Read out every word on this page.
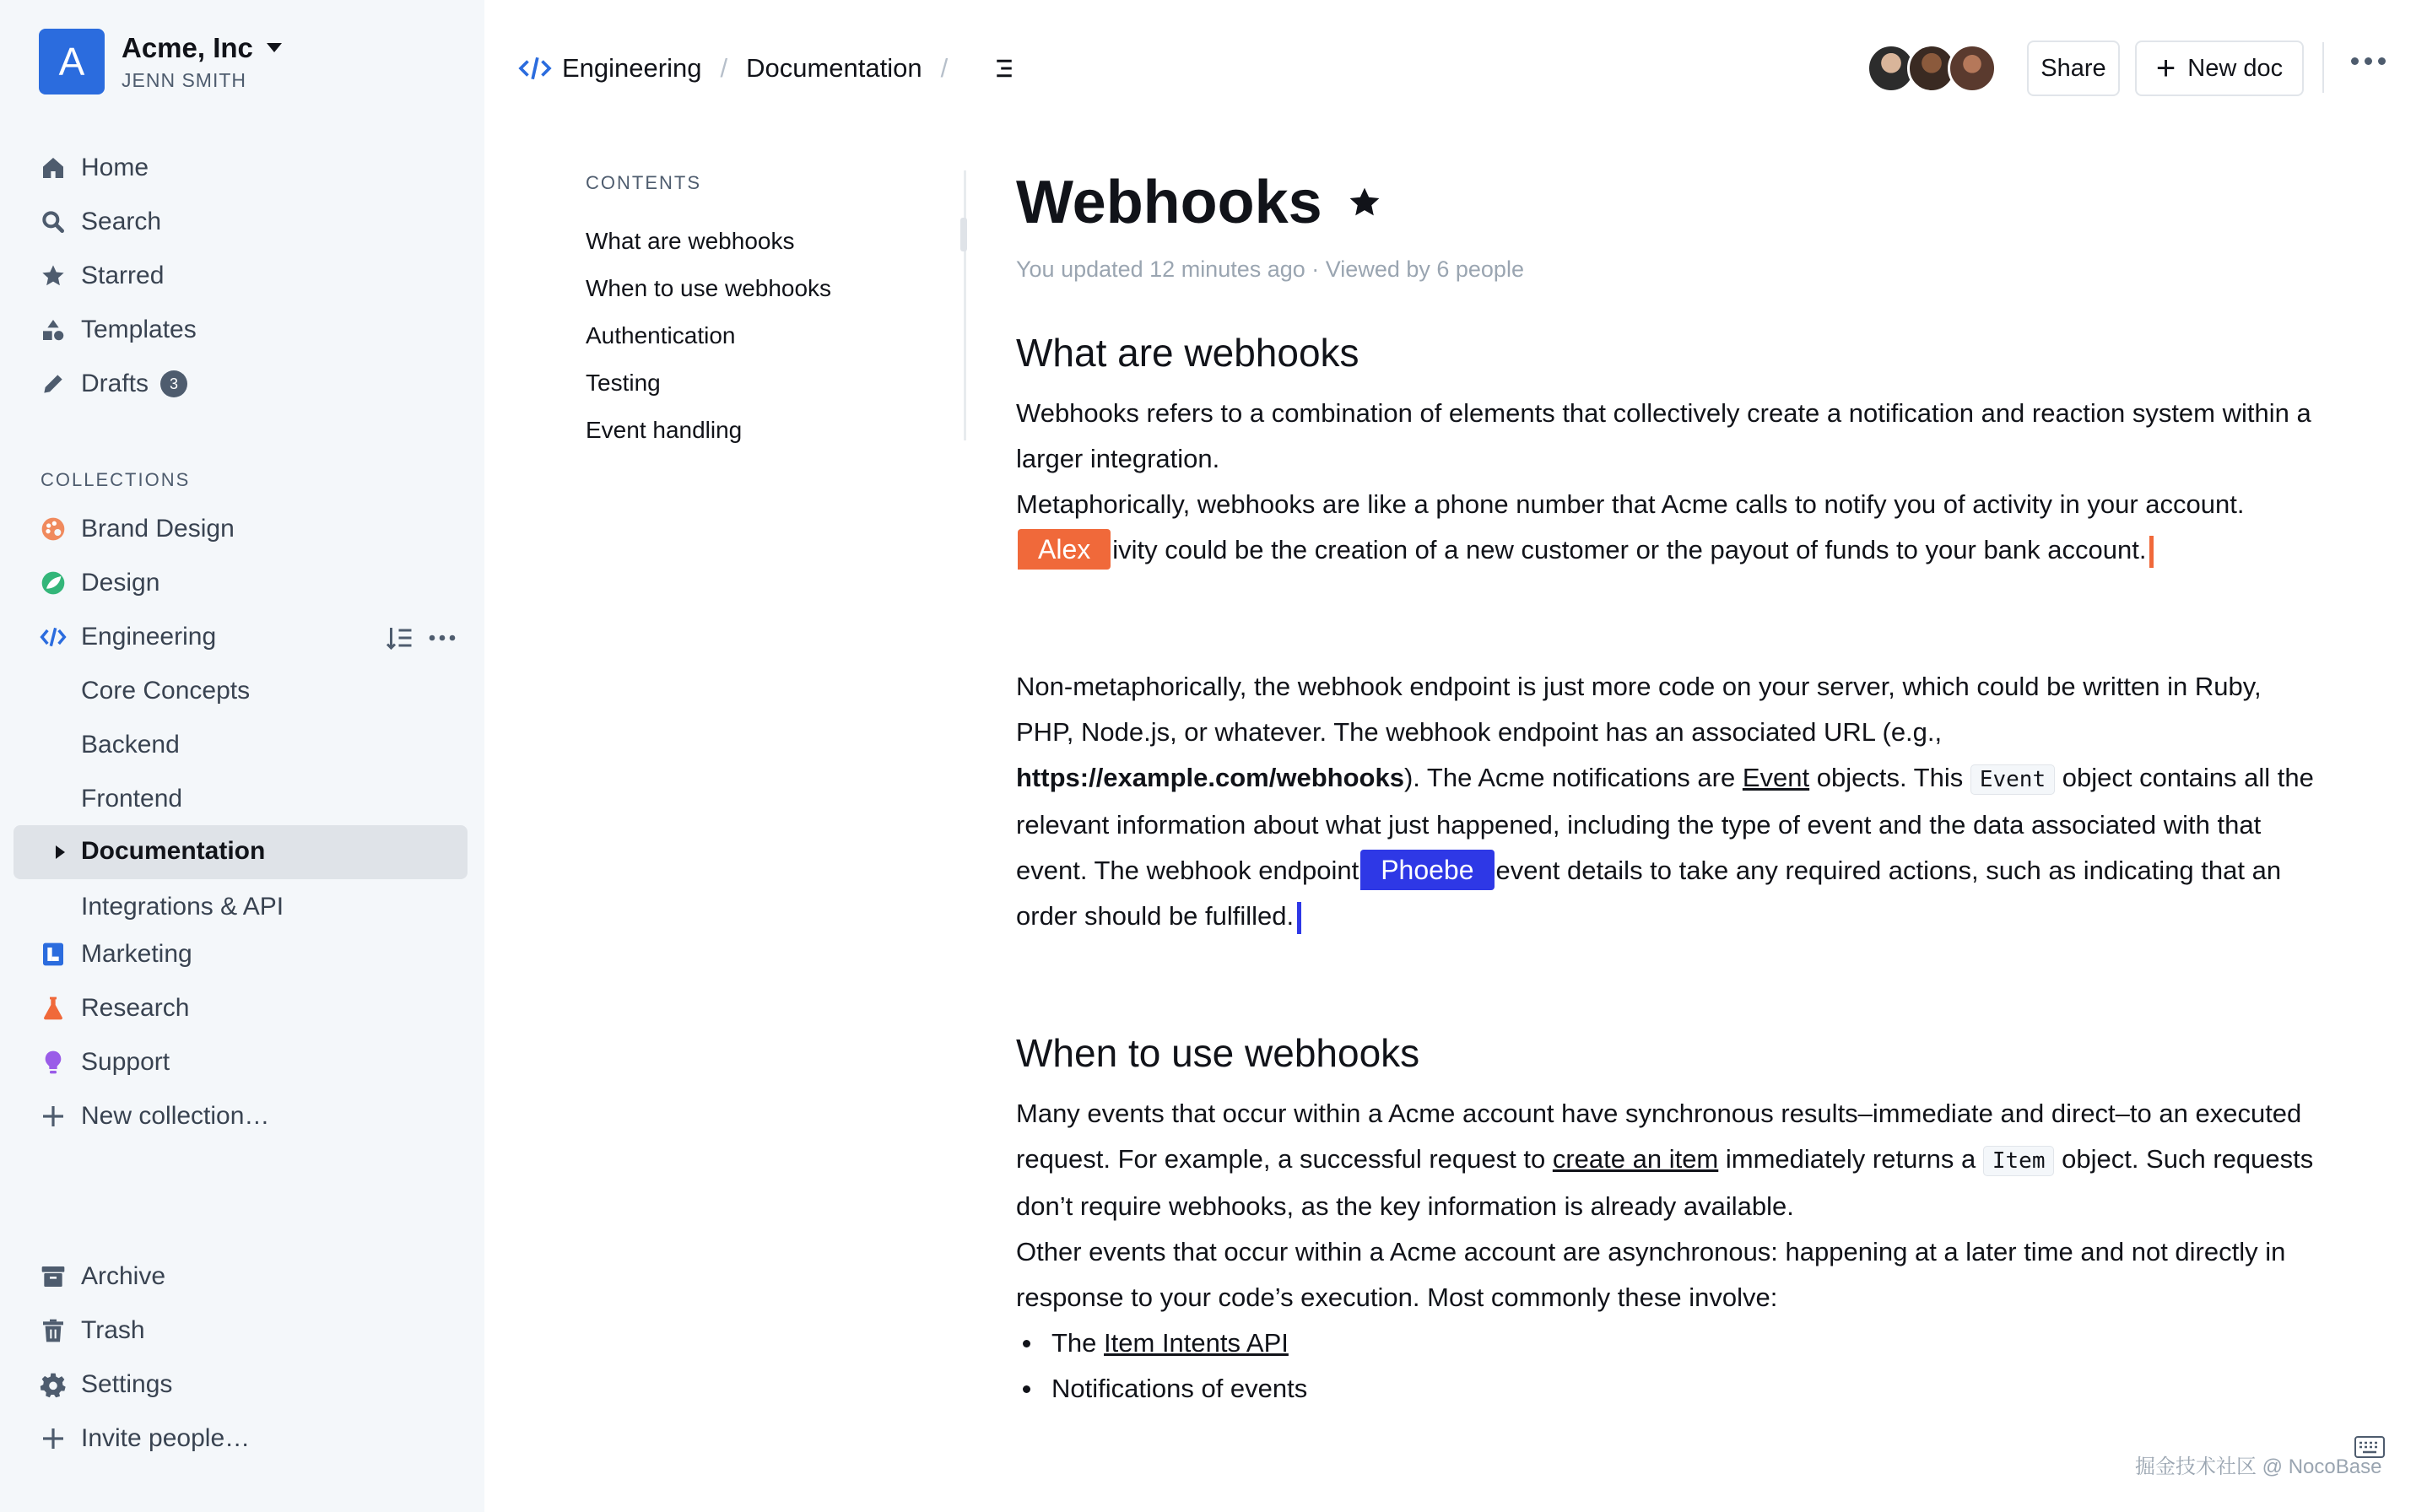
A	Acme, Inc
JENN SMITH
Home
Search
Starred
Templates
Drafts	3
COLLECTIONS
Brand Design
Design
Engineering
Core Concepts
Backend
Frontend
Documentation
Integrations & API
Marketing
Research
Support
New collection…
Archive
Trash
Settings
Invite people…
Engineering / Documentation /	Share	+ New doc
CONTENTS
What are webhooks
When to use webhooks
Authentication
Testing
Event handling
Webhooks
You updated 12 minutes ago · Viewed by 6 people
What are webhooks

Webhooks refers to a combination of elements that collectively create a notification and reaction system within a larger integration.

Metaphorically, webhooks are like a phone number that Acme calls to notify you of activity in your account.Alex ivity could be the creation of a new customer or the payout of funds to your bank account.

Non-metaphorically, the webhook endpoint is just more code on your server, which could be written in Ruby, PHP, Node.js, or whatever. The webhook endpoint has an associated URL (e.g., https://example.com/webhooks). The Acme notifications are Event objects. This Event object contains all the relevant information about what just happened, including the type of event and the data associated with that event. The webhook endpoint Phoebe event details to take any required actions, such as indicating that an order should be fulfilled.

When to use webhooks

Many events that occur within a Acme account have synchronous results–immediate and direct–to an executed request. For example, a successful request to create an item immediately returns a Item object. Such requests don’t require webhooks, as the key information is already available.

Other events that occur within a Acme account are asynchronous: happening at a later time and not directly in response to your code’s execution. Most commonly these involve:

The Item Intents API
Notifications of events
掘金技术社区 @ NocoBase
